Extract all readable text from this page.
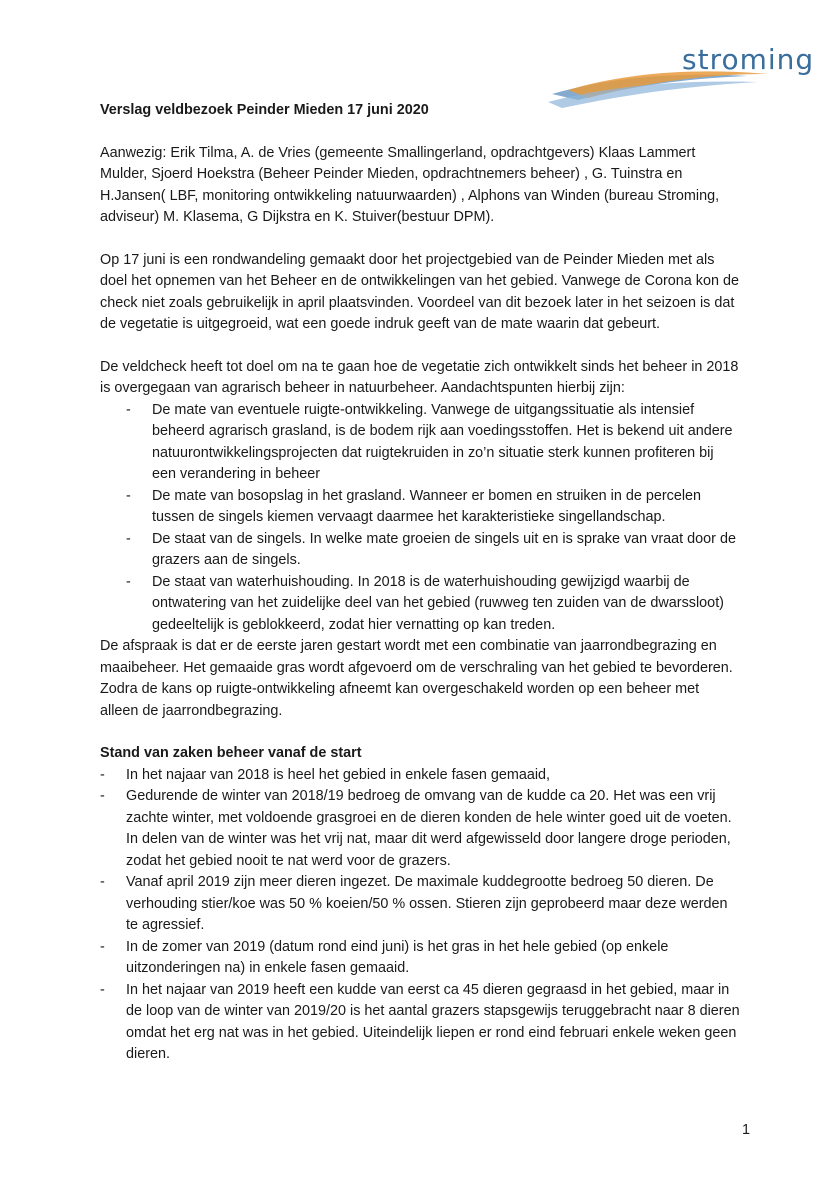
stroming

Verslag veldbezoek Peinder Mieden 17 juni 2020

Aanwezig: Erik Tilma, A. de Vries (gemeente Smallingerland, opdrachtgevers) Klaas Lammert Mulder, Sjoerd Hoekstra (Beheer Peinder Mieden, opdrachtnemers beheer) , G. Tuinstra en H.Jansen( LBF, monitoring ontwikkeling natuurwaarden) , Alphons van Winden (bureau Stroming, adviseur) M. Klasema, G Dijkstra en K. Stuiver(bestuur DPM).

Op 17 juni is een rondwandeling gemaakt door het projectgebied van de Peinder Mieden met als doel het opnemen van het Beheer en de ontwikkelingen van het gebied. Vanwege de Corona kon de check niet zoals gebruikelijk in april plaatsvinden. Voordeel van dit bezoek later in het seizoen is dat de vegetatie is uitgegroeid, wat een goede indruk geeft van de mate waarin dat gebeurt.

De veldcheck heeft tot doel om na te gaan hoe de vegetatie zich ontwikkelt sinds het beheer in 2018 is overgegaan van agrarisch beheer in natuurbeheer. Aandachtspunten hierbij zijn:

- De mate van eventuele ruigte-ontwikkeling. Vanwege de uitgangssituatie als intensief beheerd agrarisch grasland, is de bodem rijk aan voedingsstoffen. Het is bekend uit andere natuurontwikkelingsprojecten dat ruigtekruiden in zo’n situatie sterk kunnen profiteren bij een verandering in beheer
- De mate van bosopslag in het grasland. Wanneer er bomen en struiken in de percelen tussen de singels kiemen vervaagt daarmee het karakteristieke singellandschap.
- De staat van de singels. In welke mate groeien de singels uit en is sprake van vraat door de grazers aan de singels.
- De staat van waterhuishouding. In 2018 is de waterhuishouding gewijzigd waarbij de ontwatering van het zuidelijke deel van het gebied (ruwweg ten zuiden van de dwarssloot) gedeeltelijk is geblokkeerd, zodat hier vernatting op kan treden.

De afspraak is dat er de eerste jaren gestart wordt met een combinatie van jaarrondbegrazing en maaibeheer. Het gemaaide gras wordt afgevoerd om de verschraling van het gebied te bevorderen. Zodra de kans op ruigte-ontwikkeling afneemt kan overgeschakeld worden op een beheer met alleen de jaarrondbegrazing.

Stand van zaken beheer vanaf de start

- In het najaar van 2018 is heel het gebied in enkele fasen gemaaid,
- Gedurende de winter van 2018/19 bedroeg de omvang van de kudde ca 20. Het was een vrij zachte winter, met voldoende grasgroei en de dieren konden de hele winter goed uit de voeten. In delen van de winter was het vrij nat, maar dit werd afgewisseld door langere droge perioden, zodat het gebied nooit te nat werd voor de grazers.
- Vanaf april 2019 zijn meer dieren ingezet. De maximale kuddegrootte bedroeg 50 dieren. De verhouding stier/koe was 50 % koeien/50 % ossen. Stieren zijn geprobeerd maar deze werden te agressief.
- In de zomer van 2019 (datum rond eind juni) is het gras in het hele gebied (op enkele uitzonderingen na) in enkele fasen gemaaid.
- In het najaar van 2019 heeft een kudde van eerst ca 45 dieren gegraasd in het gebied, maar in de loop van de winter van 2019/20 is het aantal grazers stapsgewijs teruggebracht naar 8 dieren omdat het erg nat was in het gebied. Uiteindelijk liepen er rond eind februari enkele weken geen dieren.
1
